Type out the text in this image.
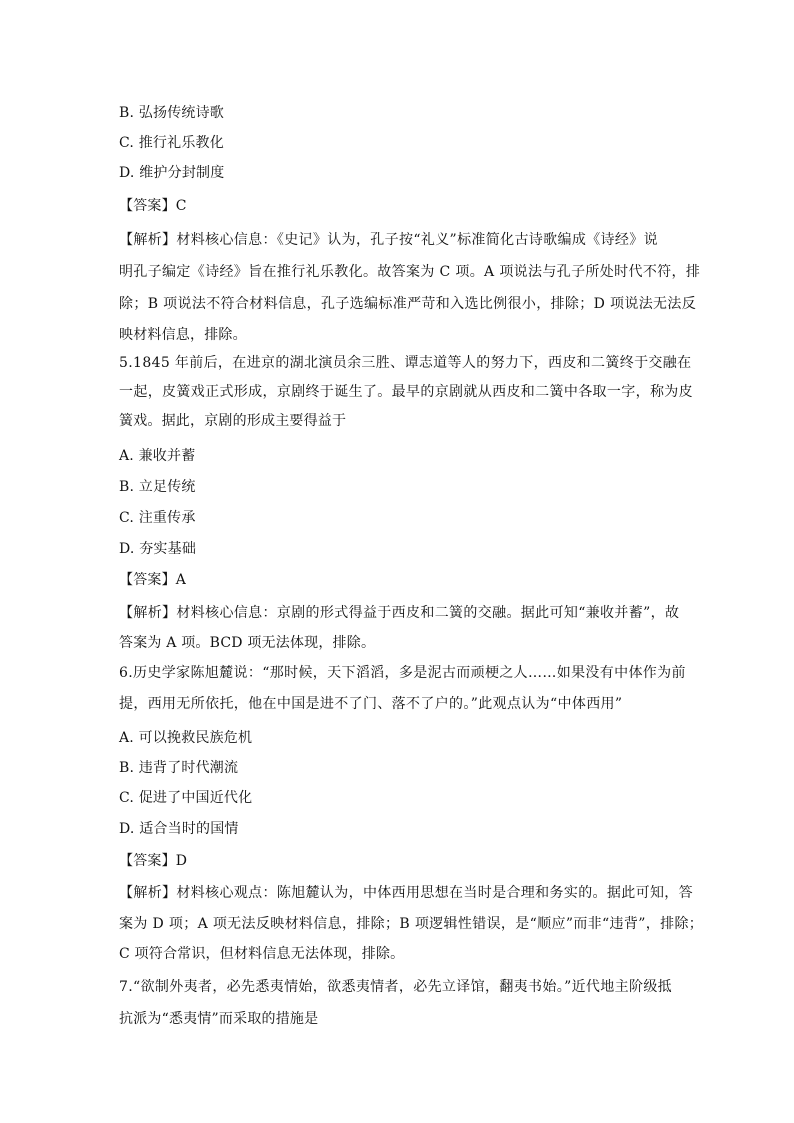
B. 弘扬传统诗歌
C. 推行礼乐教化
D. 维护分封制度
【答案】C
【解析】材料核心信息：《史记》认为，孔子按“礼义”标准简化古诗歌编成《诗经》说
明孔子编定《诗经》旨在推行礼乐教化。故答案为 C 项。A 项说法与孔子所处时代不符，排
除；B 项说法不符合材料信息，孔子选编标准严苛和入选比例很小，排除；D 项说法无法反
映材料信息，排除。
5.1845 年前后，在进京的湖北演员余三胜、谭志道等人的努力下，西皮和二簧终于交融在
一起，皮簧戏正式形成，京剧终于诞生了。最早的京剧就从西皮和二簧中各取一字，称为皮
簧戏。据此，京剧的形成主要得益于
A. 兼收并蓄
B. 立足传统
C. 注重传承
D. 夯实基础
【答案】A
【解析】材料核心信息：京剧的形式得益于西皮和二簧的交融。据此可知“兼收并蓄”，故
答案为 A 项。BCD 项无法体现，排除。
6.历史学家陈旭麓说：“那时候，天下滔滔，多是泥古而顽梗之人……如果没有中体作为前
提，西用无所依托，他在中国是进不了门、落不了户的。”此观点认为“中体西用”
A. 可以挽救民族危机
B. 违背了时代潮流
C. 促进了中国近代化
D. 适合当时的国情
【答案】D
【解析】材料核心观点：陈旭麓认为，中体西用思想在当时是合理和务实的。据此可知，答
案为 D 项；A 项无法反映材料信息，排除；B 项逻辑性错误，是“顺应”而非“违背”，排除；
C 项符合常识，但材料信息无法体现，排除。
7.“欲制外夷者，必先悉夷情始，欲悉夷情者，必先立译馆，翻夷书始。”近代地主阶级抵
抗派为“悉夷情”而采取的措施是
